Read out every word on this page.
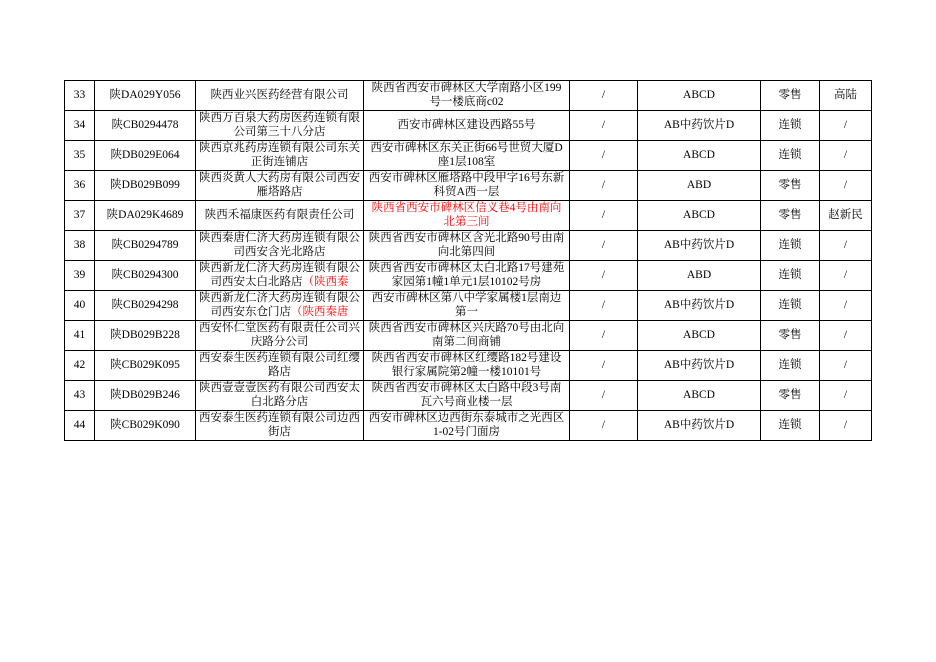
33	陕DA029Y056	陕西业兴医药经营有限公司	陕西省西安市碑林区大学南路小区199号一楼底商c02	/	ABCD	零售	高陆
34	陕CB0294478	陕西万百泉大药房医药连锁有限公司第三十八分店	西安市碑林区建设西路55号	/	AB中药饮片D	连锁	/
35	陕DB029E064	陕西京兆药房连锁有限公司东关正街连铺店	西安市碑林区东关正街66号世贸大厦D座1层108室	/	ABCD	连锁	/
36	陕DB029B099	陕西炎黄人大药房有限公司西安雁塔路店	西安市碑林区雁塔路中段甲字16号东新科贸A西一层	/	ABD	零售	/
37	陕DA029K4689	陕西禾福康医药有限责任公司	陕西省西安市碑林区信义巷4号由南向北第三间	/	ABCD	零售	赵新民
38	陕CB0294789	陕西秦唐仁济大药房连锁有限公司西安含光北路店	陕西省西安市碑林区含光北路90号由南向北第四间	/	AB中药饮片D	连锁	/
39	陕CB0294300	陕西新龙仁济大药房连锁有限公司西安太白北路店（陕西秦	陕西省西安市碑林区太白北路17号建苑家园第1幢1单元1层10102号房	/	ABD	连锁	/
40	陕CB0294298	陕西新龙仁济大药房连锁有限公司西安东仓门店（陕西秦唐	西安市碑林区第八中学家属楼1层南边第一	/	AB中药饮片D	连锁	/
41	陕DB029B228	西安怀仁堂医药有限责任公司兴庆路分公司	陕西省西安市碑林区兴庆路70号由北向南第二间商铺	/	ABCD	零售	/
42	陕CB029K095	西安泰生医药连锁有限公司红缨路店	陕西省西安市碑林区红缨路182号建设银行家属院第2幢一楼10101号	/	AB中药饮片D	连锁	/
43	陕DB029B246	陕西壹壹壹医药有限公司西安太白北路分店	陕西省西安市碑林区太白路中段3号南瓦六号商业楼一层	/	ABCD	零售	/
44	陕CB029K090	西安泰生医药连锁有限公司边西街店	西安市碑林区边西街东泰城市之光西区1-02号门面房	/	AB中药饮片D	连锁	/
